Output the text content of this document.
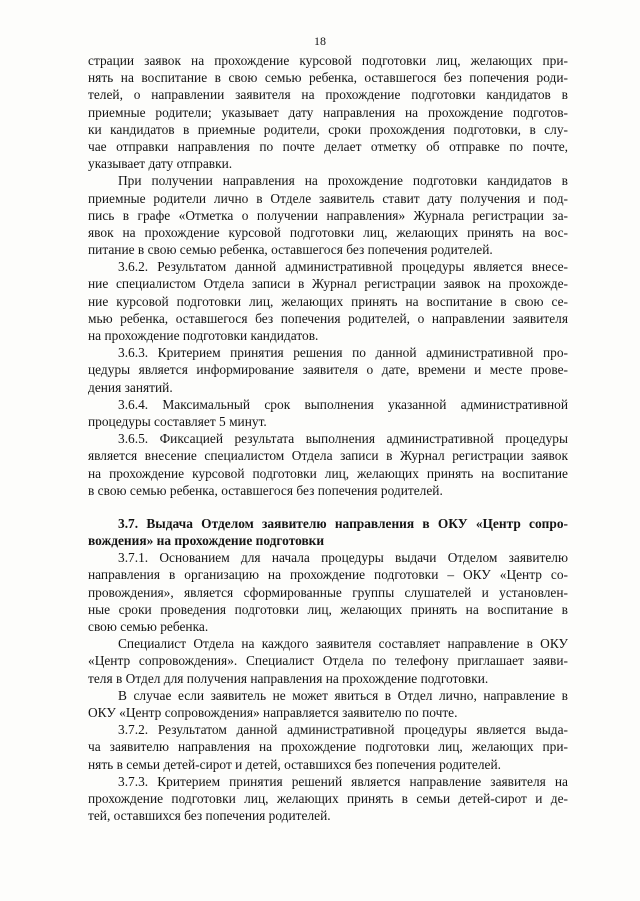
18
страции заявок на прохождение курсовой подготовки лиц, желающих при-
нять на воспитание в свою семью ребенка, оставшегося без попечения роди-
телей, о направлении заявителя на прохождение подготовки кандидатов в
приемные родители; указывает дату направления на прохождение подготов-
ки кандидатов в приемные родители, сроки прохождения подготовки, в слу-
чае отправки направления по почте делает отметку об отправке по почте,
указывает дату отправки.
При получении направления на прохождение подготовки кандидатов в
приемные родители лично в Отделе заявитель ставит дату получения и под-
пись в графе «Отметка о получении направления» Журнала регистрации за-
явок на прохождение курсовой подготовки лиц, желающих принять на вос-
питание в свою семью ребенка, оставшегося без попечения родителей.
3.6.2. Результатом данной административной процедуры является внесе-
ние специалистом Отдела записи в Журнал регистрации заявок на прохожде-
ние курсовой подготовки лиц, желающих принять на воспитание в свою се-
мью ребенка, оставшегося без попечения родителей, о направлении заявителя
на прохождение подготовки кандидатов.
3.6.3. Критерием принятия решения по данной административной про-
цедуры является информирование заявителя о дате, времени и месте прове-
дения занятий.
3.6.4. Максимальный срок выполнения указанной административной
процедуры составляет 5 минут.
3.6.5. Фиксацией результата выполнения административной процедуры
является внесение специалистом Отдела записи в Журнал регистрации заявок
на прохождение курсовой подготовки лиц, желающих принять на воспитание
в свою семью ребенка, оставшегося без попечения родителей.
3.7. Выдача Отделом заявителю направления в ОКУ «Центр сопро-
вождения» на прохождение подготовки
3.7.1. Основанием для начала процедуры выдачи Отделом заявителю
направления в организацию на прохождение подготовки – ОКУ «Центр со-
провождения», является сформированные группы слушателей и установлен-
ные сроки проведения подготовки лиц, желающих принять на воспитание в
свою семью ребенка.
Специалист Отдела на каждого заявителя составляет направление в ОКУ
«Центр сопровождения». Специалист Отдела по телефону приглашает заяви-
теля в Отдел для получения направления на прохождение подготовки.
В случае если заявитель не может явиться в Отдел лично, направление в
ОКУ «Центр сопровождения» направляется заявителю по почте.
3.7.2. Результатом данной административной процедуры является выда-
ча заявителю направления на прохождение подготовки лиц, желающих при-
нять в семьи детей-сирот и детей, оставшихся без попечения родителей.
3.7.3. Критерием принятия решений является направление заявителя на
прохождение подготовки лиц, желающих принять в семьи детей-сирот и де-
тей, оставшихся без попечения родителей.
